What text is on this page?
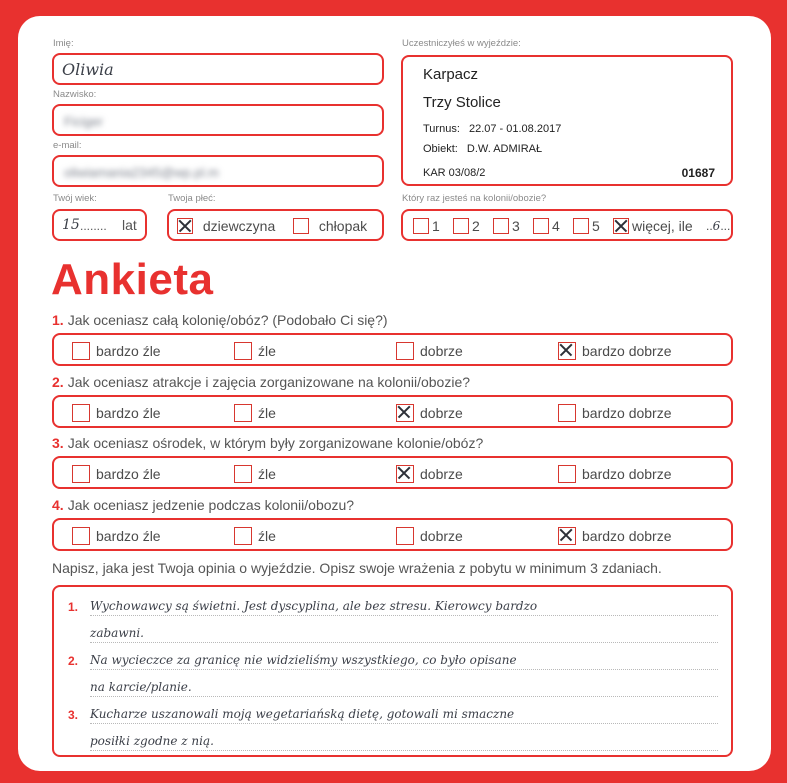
Imię:
Oliwia
Nazwisko:
Ficiger
e-mail:
oliwiamania2345@wp.pl.m
Twój wiek:
15 ........ lat
Twoja płeć:
dziewczyna	chłopak
Uczestniczyłeś w wyjeździe:
Karpacz
Trzy Stolice
Turnus: 22.07 - 01.08.2017
Obiekt: D.W. ADMIRAŁ
KAR 03/08/2	01687
Który raz jesteś na kolonii/obozie?
1	2	3	4	5	więcej, ile ..6...
Ankieta
1. Jak oceniasz całą kolonię/obóz? (Podobało Ci się?)
bardzo źle	źle	dobrze	bardzo dobrze
2. Jak oceniasz atrakcje i zajęcia zorganizowane na kolonii/obozie?
bardzo źle	źle	dobrze	bardzo dobrze
3. Jak oceniasz ośrodek, w którym były zorganizowane kolonie/obóz?
bardzo źle	źle	dobrze	bardzo dobrze
4. Jak oceniasz jedzenie podczas kolonii/obozu?
bardzo źle	źle	dobrze	bardzo dobrze
Napisz, jaka jest Twoja opinia o wyjeździe. Opisz swoje wrażenia z pobytu w minimum 3 zdaniach.
1. Wychowawcy są świetni. Jest dyscyplina, ale bez stresu. Kierowcy bardzo
zabawni.
2. Na wycieczce za granicę nie widzieliśmy wszystkiego, co było opisane
na karcie/planie.
3. Kucharze uszanowali moją wegetariańską dietę, gotowali mi smaczne
posiłki zgodne z nią.
